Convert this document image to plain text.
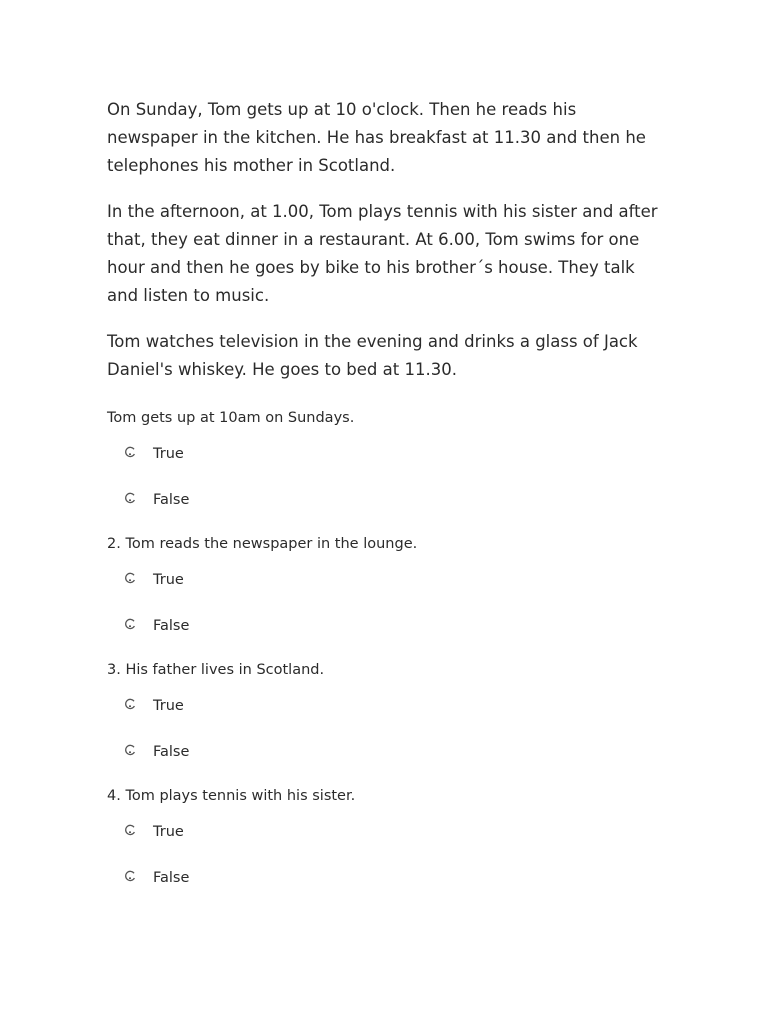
On Sunday, Tom gets up at 10 o'clock. Then he reads his newspaper in the kitchen. He has breakfast at 11.30 and then he telephones his mother in Scotland.

In the afternoon, at 1.00, Tom plays tennis with his sister and after that, they eat dinner in a restaurant. At 6.00, Tom swims for one hour and then he goes by bike to his brother´s house. They talk and listen to music.

Tom watches television in the evening and drinks a glass of Jack Daniel's whiskey. He goes to bed at 11.30.

Tom gets up at 10am on Sundays.

True
False

2. Tom reads the newspaper in the lounge.

True
False

3. His father lives in Scotland.

True
False

4. Tom plays tennis with his sister.

True
False
